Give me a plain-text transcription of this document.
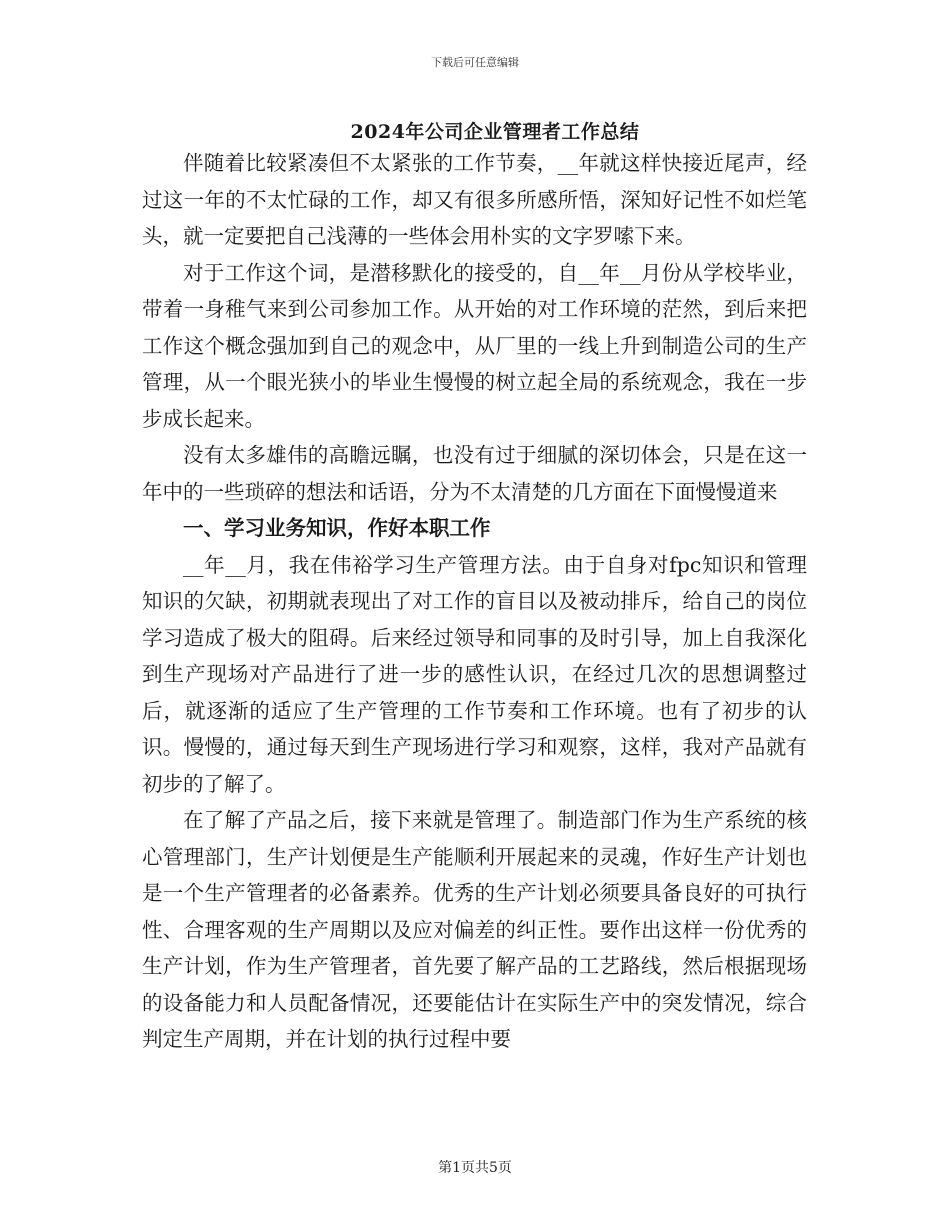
下载后可任意编辑
2024年公司企业管理者工作总结

伴随着比较紧凑但不太紧张的工作节奏，__年就这样快接近尾声，经过这一年的不太忙碌的工作，却又有很多所感所悟，深知好记性不如烂笔头，就一定要把自己浅薄的一些体会用朴实的文字罗嗦下来。

对于工作这个词，是潜移默化的接受的，自__年__月份从学校毕业，带着一身稚气来到公司参加工作。从开始的对工作环境的茫然，到后来把工作这个概念强加到自己的观念中，从厂里的一线上升到制造公司的生产管理，从一个眼光狭小的毕业生慢慢的树立起全局的系统观念，我在一步步成长起来。

没有太多雄伟的高瞻远瞩，也没有过于细腻的深切体会，只是在这一年中的一些琐碎的想法和话语，分为不太清楚的几方面在下面慢慢道来

一、学习业务知识，作好本职工作

__年__月，我在伟裕学习生产管理方法。由于自身对fpc知识和管理知识的欠缺，初期就表现出了对工作的盲目以及被动排斥，给自己的岗位学习造成了极大的阻碍。后来经过领导和同事的及时引导，加上自我深化到生产现场对产品进行了进一步的感性认识，在经过几次的思想调整过后，就逐渐的适应了生产管理的工作节奏和工作环境。也有了初步的认识。慢慢的，通过每天到生产现场进行学习和观察，这样，我对产品就有初步的了解了。

在了解了产品之后，接下来就是管理了。制造部门作为生产系统的核心管理部门，生产计划便是生产能顺利开展起来的灵魂，作好生产计划也是一个生产管理者的必备素养。优秀的生产计划必须要具备良好的可执行性、合理客观的生产周期以及应对偏差的纠正性。要作出这样一份优秀的生产计划，作为生产管理者，首先要了解产品的工艺路线，然后根据现场的设备能力和人员配备情况，还要能估计在实际生产中的突发情况，综合判定生产周期，并在计划的执行过程中要

第1页共5页
